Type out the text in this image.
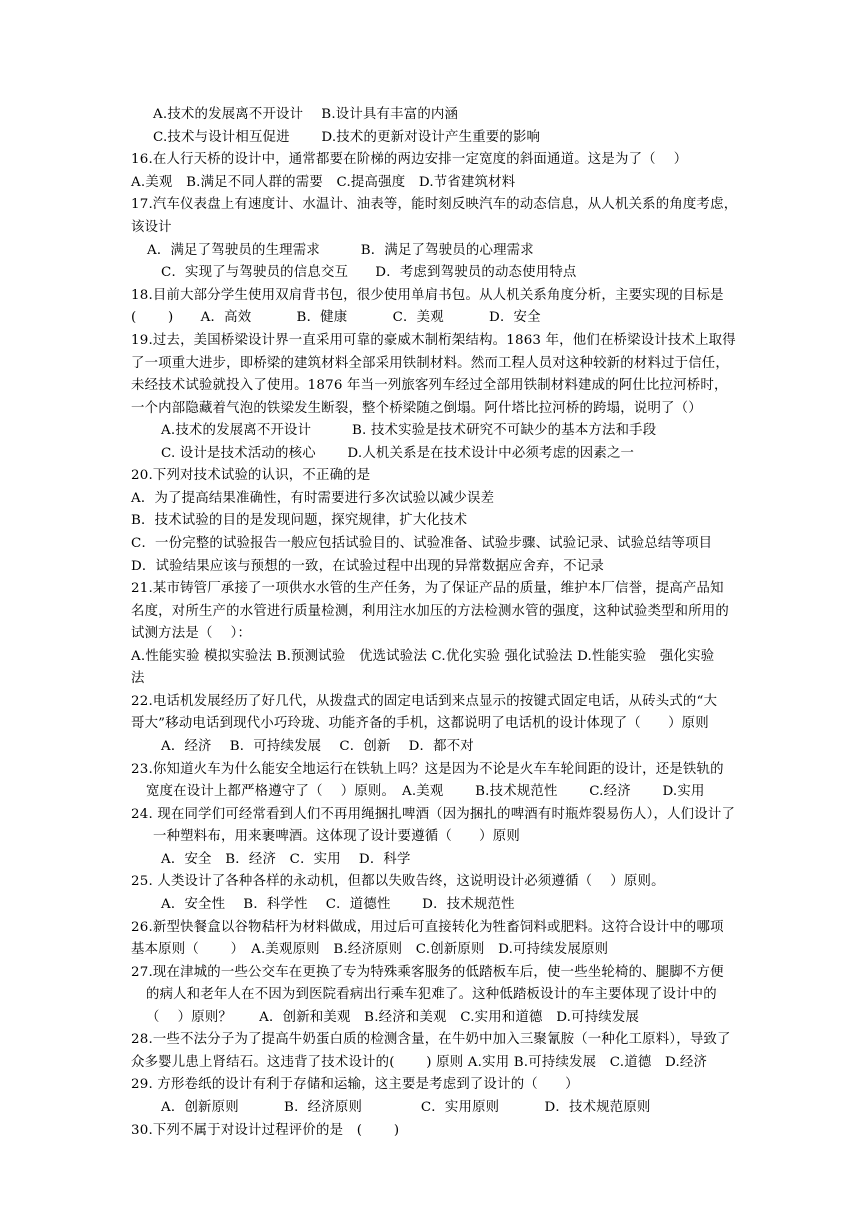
A.技术的发展离不开设计　 B.设计具有丰富的内涵
C.技术与设计相互促进　　 D.技术的更新对设计产生重要的影响
16.在人行天桥的设计中，通常都要在阶梯的两边安排一定宽度的斜面通道。这是为了（　 ）
A.美观　B.满足不同人群的需要　C.提高强度　D.节省建筑材料
17.汽车仪表盘上有速度计、水温计、油表等，能时刻反映汽车的动态信息，从人机关系的角度考虑，
该设计
A．满足了驾驶员的生理需求　　　B．满足了驾驶员的心理需求
C．实现了与驾驶员的信息交互　　D．考虑到驾驶员的动态使用特点
18.目前大部分学生使用双肩背书包，很少使用单肩书包。从人机关系角度分析，主要实现的目标是
(　　 )　　A．高效　　　 B．健康　　　 C．美观　　　 D．安全
19.过去，美国桥梁设计界一直采用可靠的豪威木制桁架结构。1863 年，他们在桥梁设计技术上取得
了一项重大进步，即桥梁的建筑材料全部采用铁制材料。然而工程人员对这种较新的材料过于信任，
未经技术试验就投入了使用。1876 年当一列旅客列车经过全部用铁制材料建成的阿仕比拉河桥时，
一个内部隐藏着气泡的铁梁发生断裂，整个桥梁随之倒塌。阿什塔比拉河桥的跨塌，说明了（）
A.技术的发展离不开设计　　　B. 技术实验是技术研究不可缺少的基本方法和手段
C. 设计是技术活动的核心　　 D.人机关系是在技术设计中必须考虑的因素之一
20.下列对技术试验的认识，不正确的是
A．为了提高结果准确性，有时需要进行多次试验以减少误差
B．技术试验的目的是发现问题，探究规律，扩大化技术
C．一份完整的试验报告一般应包括试验目的、试验准备、试验步骤、试验记录、试验总结等项目
D．试验结果应该与预想的一致，在试验过程中出现的异常数据应舍弃，不记录
21.某市铸管厂承接了一项供水水管的生产任务，为了保证产品的质量，维护本厂信誉，提高产品知
名度，对所生产的水管进行质量检测，利用注水加压的方法检测水管的强度，这种试验类型和所用的
试测方法是（　 ）：
A.性能实验 模拟实验法 B.预测试验　优选试验法 C.优化实验 强化试验法 D.性能实验　强化实验
法
22.电话机发展经历了好几代，从拨盘式的固定电话到来点显示的按键式固定电话，从砖头式的“大
哥大”移动电话到现代小巧玲珑、功能齐备的手机，这都说明了电话机的设计体现了（　　）原则
A．经济　 B．可持续发展　 C．创新　 D．都不对
23.你知道火车为什么能安全地运行在铁轨上吗？这是因为不论是火车车轮间距的设计，还是铁轨的
宽度在设计上都严格遵守了（　 ）原则。　A.美观　　 B.技术规范性　　 C.经济　　 D.实用
24. 现在同学们可经常看到人们不再用绳捆扎啤酒（因为捆扎的啤酒有时瓶炸裂易伤人），人们设计了
一种塑料布，用来裹啤酒。这体现了设计要遵循（　　）原则
A．安全　B．经济　C．实用　 D．科学
25. 人类设计了各种各样的永动机，但都以失败告终，这说明设计必须遵循（　 ）原则。
A．安全性　 B．科学性　 C．道德性　　 D．技术规范性
26.新型快餐盒以谷物秸杆为材料做成，用过后可直接转化为牲畜饲料或肥料。这符合设计中的哪项
基本原则（　　 ）　A.美观原则　B.经济原则　C.创新原则　D.可持续发展原则
27.现在津城的一些公交车在更换了专为特殊乘客服务的低踏板车后，使一些坐轮椅的、腿脚不方便
的病人和老年人在不因为到医院看病出行乘车犯难了。这种低踏板设计的车主要体现了设计中的
（　 ）原则？　　A．创新和美观　B.经济和美观　C.实用和道德　D.可持续发展
28.一些不法分子为了提高牛奶蛋白质的检测含量，在牛奶中加入三聚氰胺（一种化工原料），导致了
众多婴儿患上肾结石。这违背了技术设计的(　　 ) 原则 A.实用 B.可持续发展　C.道德　D.经济
29. 方形卷纸的设计有利于存储和运输，这主要是考虑到了设计的（　　）
A．创新原则　　　 B．经济原则　　　　 C．实用原则　　　 D．技术规范原则
30.下列不属于对设计过程评价的是　(　　 )
